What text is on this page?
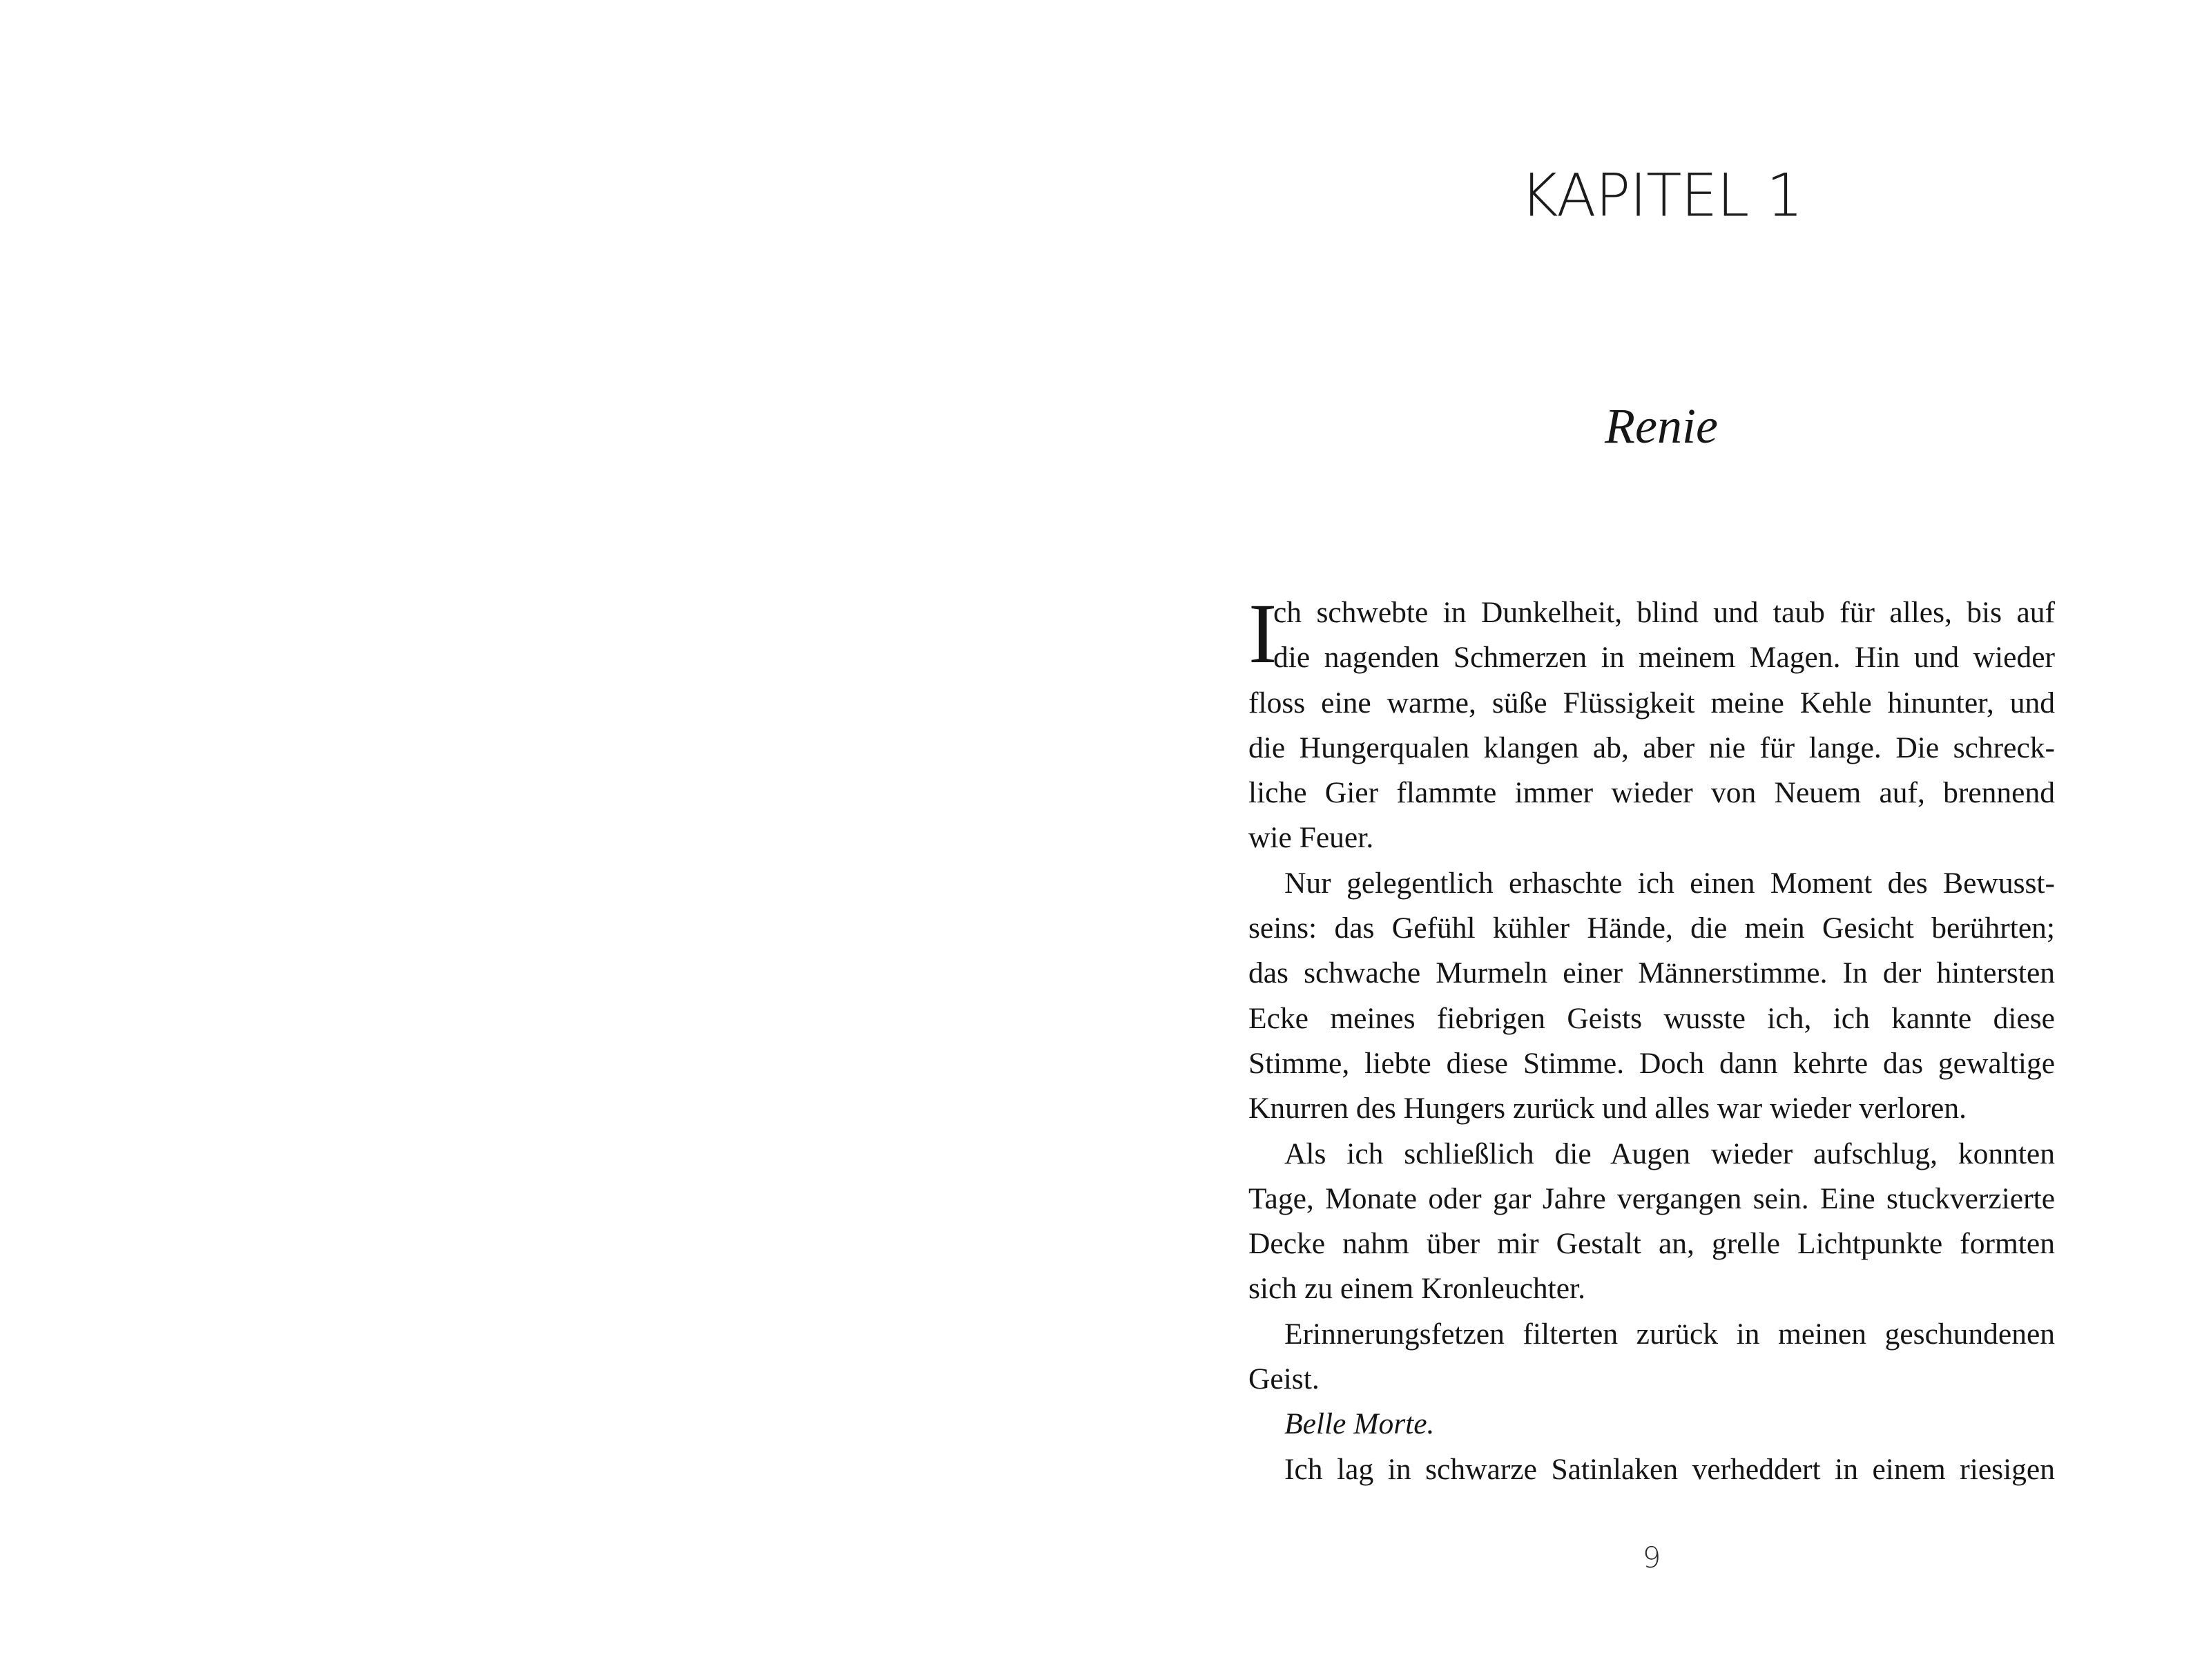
KAPITEL 1
Renie
I
ch schwebte in Dunkelheit, blind und taub für alles, bis auf
die nagenden Schmerzen in meinem Magen. Hin und wieder
floss eine warme, süße Flüssigkeit meine Kehle hinunter, und
die Hungerqualen klangen ab, aber nie für lange. Die schreck-
liche Gier flammte immer wieder von Neuem auf, brennend
wie Feuer.
Nur gelegentlich erhaschte ich einen Moment des Bewusst-
seins: das Gefühl kühler Hände, die mein Gesicht berührten;
das schwache Murmeln einer Männerstimme. In der hintersten
Ecke meines fiebrigen Geists wusste ich, ich kannte diese
Stimme, liebte diese Stimme. Doch dann kehrte das gewaltige
Knurren des Hungers zurück und alles war wieder verloren.
Als ich schließlich die Augen wieder aufschlug, konnten
Tage, Monate oder gar Jahre vergangen sein. Eine stuckverzierte
Decke nahm über mir Gestalt an, grelle Lichtpunkte formten
sich zu einem Kronleuchter.
Erinnerungsfetzen filterten zurück in meinen geschundenen
Geist.
Belle Morte.
Ich lag in schwarze Satinlaken verheddert in einem riesigen
9
